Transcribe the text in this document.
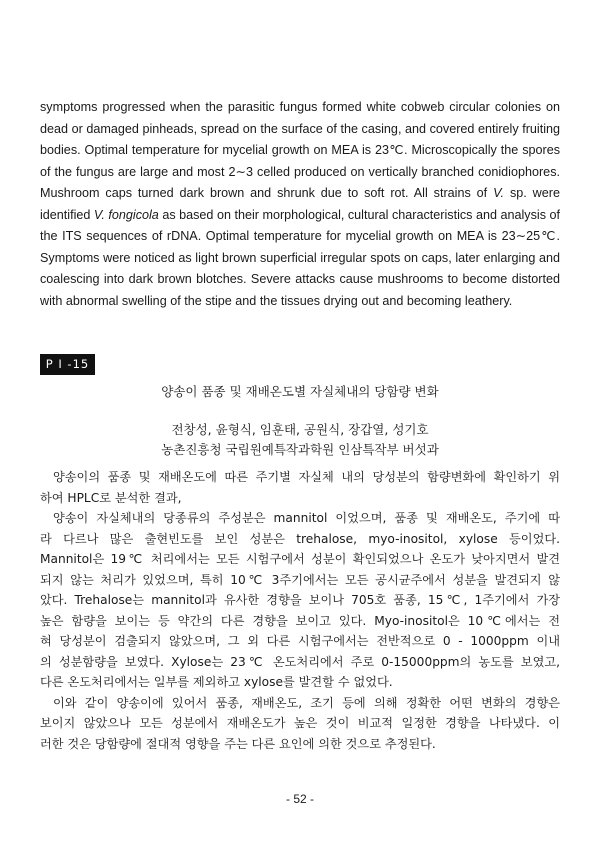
symptoms progressed when the parasitic fungus formed white cobweb circular colonies on dead or damaged pinheads, spread on the surface of the casing, and covered entirely fruiting bodies. Optimal temperature for mycelial growth on MEA is 23℃. Microscopically the spores of the fungus are large and most 2∼3 celled produced on vertically branched conidiophores. Mushroom caps turned dark brown and shrunk due to soft rot. All strains of V. sp. were identified V. fongicola as based on their morphological, cultural characteristics and analysis of the ITS sequences of rDNA. Optimal temperature for mycelial growth on MEA is 23∼25℃. Symptoms were noticed as light brown superficial irregular spots on caps, later enlarging and coalescing into dark brown blotches. Severe attacks cause mushrooms to become distorted with abnormal swelling of the stipe and the tissues drying out and becoming leathery.

P I -15
양송이 품종 및 재배온도별 자실체내의 당함량 변화
전창성, 윤형식, 임훈태, 공원식, 장갑열, 성기호
농촌진흥청 국립원예특작과학원 인삼특작부 버섯과

양송이의 품종 및 재배온도에 따른 주기별 자실체 내의 당성분의 함량변화에 확인하기 위
하여 HPLC로 분석한 결과,

양송이 자실체내의 당종류의 주성분은 mannitol 이었으며, 품종 및 재배온도, 주기에 따
라 다르나 많은 출현빈도를 보인 성분은 trehalose, myo-inositol, xylose 등이었다.
Mannitol은 19℃ 처리에서는 모든 시험구에서 성분이 확인되었으나 온도가 낮아지면서 발견
되지 않는 처리가 있었으며, 특히 10℃ 3주기에서는 모든 공시균주에서 성분을 발견되지 않
았다. Trehalose는 mannitol과 유사한 경향을 보이나 705호 품종, 15℃, 1주기에서 가장
높은 함량을 보이는 등 약간의 다른 경향을 보이고 있다. Myo-inositol은 10℃에서는 전
혀 당성분이 검출되지 않았으며, 그 외 다른 시험구에서는 전반적으로 0 - 1000ppm 이내
의 성분함량을 보였다. Xylose는 23℃ 온도처리에서 주로 0-15000ppm의 농도를 보였고,
다른 온도처리에서는 일부를 제외하고 xylose를 발견할 수 없었다.

이와 같이 양송이에 있어서 품종, 재배온도, 조기 등에 의해 정확한 어떤 변화의 경향은
보이지 않았으나 모든 성분에서 재배온도가 높은 것이 비교적 일정한 경향을 나타냈다. 이
러한 것은 당함량에 절대적 영향을 주는 다른 요인에 의한 것으로 추정된다.

- 52 -
